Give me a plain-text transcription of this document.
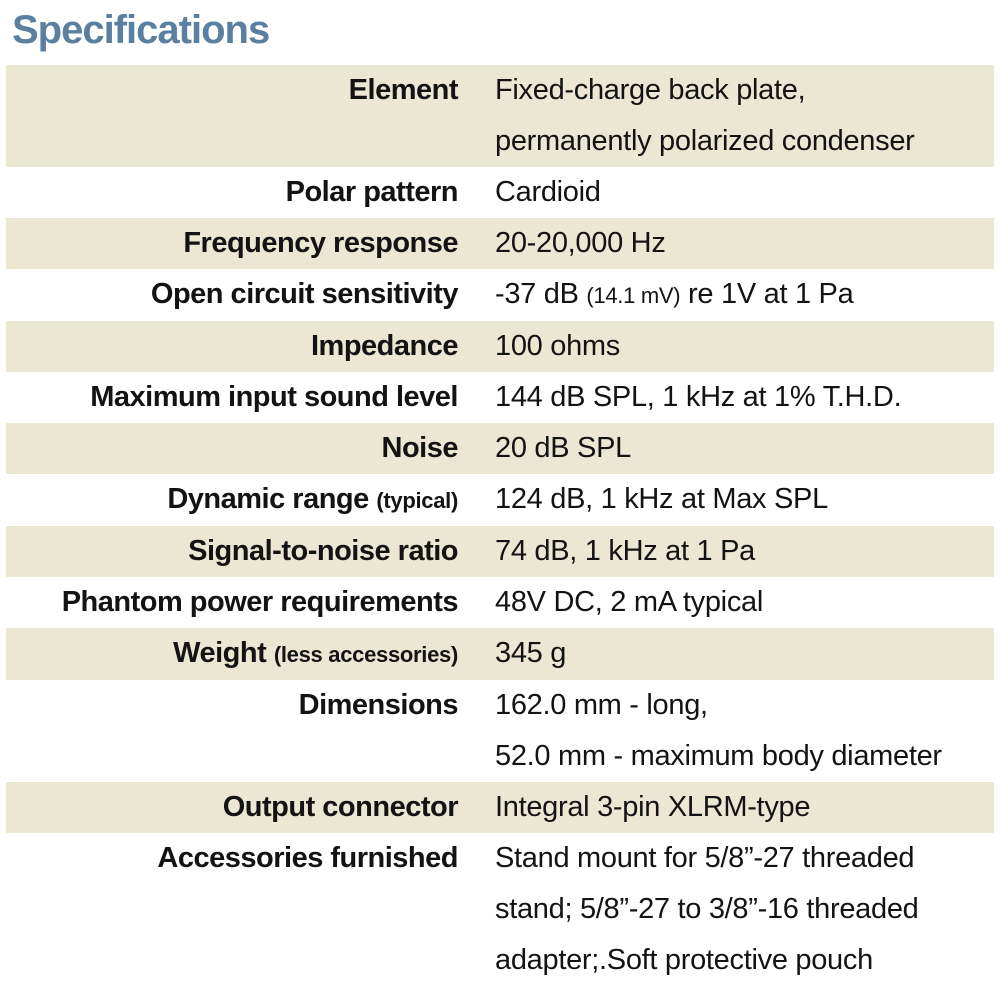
Specifications
Element Fixed-charge back plate,
permanently polarized condenser
Polar pattern Cardioid
Frequency response 20-20,000 Hz
Open circuit sensitivity -37 dB (14.1 mV) re 1V at 1 Pa
Impedance 100 ohms
Maximum input sound level 144 dB SPL, 1 kHz at 1% T.H.D.
Noise 20 dB SPL
Dynamic range (typical) 124 dB, 1 kHz at Max SPL
Signal-to-noise ratio 74 dB, 1 kHz at 1 Pa
Phantom power requirements 48V DC, 2 mA typical
Weight (less accessories) 345 g
Dimensions 162.0 mm - long,
52.0 mm - maximum body diameter
Output connector Integral 3-pin XLRM-type
Accessories furnished Stand mount for 5/8”-27 threaded
stand; 5/8”-27 to 3/8”-16 threaded
adapter;.Soft protective pouch
